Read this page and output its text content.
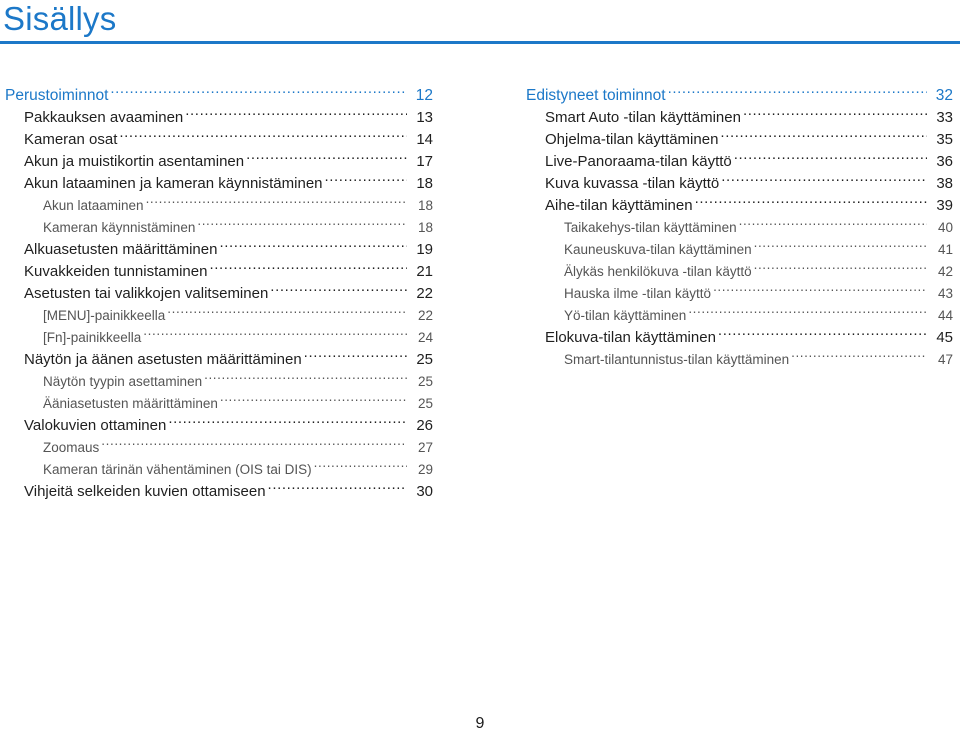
Sisällys
Perustoiminnot .....	12
Pakkauksen avaaminen .....	13
Kameran osat .....	14
Akun ja muistikortin asentaminen .....	17
Akun lataaminen ja kameran käynnistäminen .....	18
Akun lataaminen .....	18
Kameran käynnistäminen .....	18
Alkuasetusten määrittäminen .....	19
Kuvakkeiden tunnistaminen .....	21
Asetusten tai valikkojen valitseminen .....	22
[MENU]-painikkeella .....	22
[Fn]-painikkeella .....	24
Näytön ja äänen asetusten määrittäminen .....	25
Näytön tyypin asettaminen .....	25
Ääniasetusten määrittäminen .....	25
Valokuvien ottaminen .....	26
Zoomaus .....	27
Kameran tärinän vähentäminen (OIS tai DIS) .....	29
Vihjeitä selkeiden kuvien ottamiseen .....	30
Edistyneet toiminnot .....	32
Smart Auto -tilan käyttäminen .....	33
Ohjelma-tilan käyttäminen .....	35
Live-Panoraama-tilan käyttö .....	36
Kuva kuvassa -tilan käyttö .....	38
Aihe-tilan käyttäminen .....	39
Taikakehys-tilan käyttäminen .....	40
Kauneuskuva-tilan käyttäminen .....	41
Älykäs henkilökuva -tilan käyttö .....	42
Hauska ilme -tilan käyttö .....	43
Yö-tilan käyttäminen .....	44
Elokuva-tilan käyttäminen .....	45
Smart-tilantunnistus-tilan käyttäminen .....	47
9
